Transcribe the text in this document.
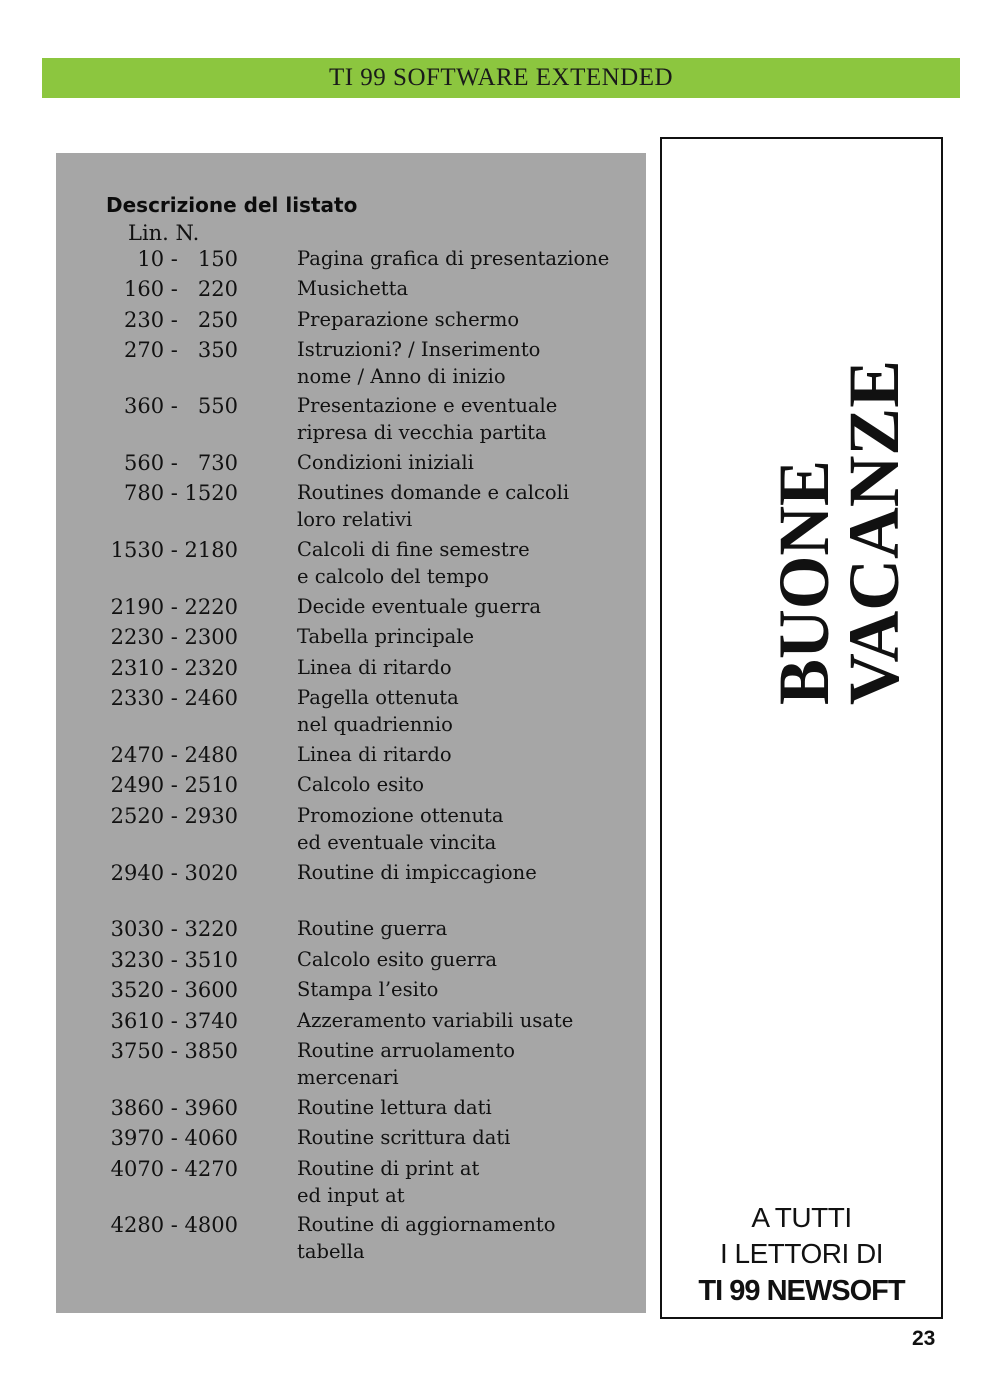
TI 99 SOFTWARE EXTENDED
Descrizione del listato
Lin. N.
10 -   150	Pagina grafica di presentazione
160 -   220	Musichetta
230 -   250	Preparazione schermo
270 -   350	Istruzioni? / Inserimento
nome / Anno di inizio
360 -   550	Presentazione e eventuale
ripresa di vecchia partita
560 -   730	Condizioni iniziali
780 - 1520	Routines domande e calcoli
loro relativi
1530 - 2180	Calcoli di fine semestre
e calcolo del tempo
2190 - 2220	Decide eventuale guerra
2230 - 2300	Tabella principale
2310 - 2320	Linea di ritardo
2330 - 2460	Pagella ottenuta
nel quadriennio
2470 - 2480	Linea di ritardo
2490 - 2510	Calcolo esito
2520 - 2930	Promozione ottenuta
ed eventuale vincita
2940 - 3020	Routine di impiccagione
3030 - 3220	Routine guerra
3230 - 3510	Calcolo esito guerra
3520 - 3600	Stampa l’esito
3610 - 3740	Azzeramento variabili usate
3750 - 3850	Routine arruolamento
mercenari
3860 - 3960	Routine lettura dati
3970 - 4060	Routine scrittura dati
4070 - 4270	Routine di print at
ed input at
4280 - 4800	Routine di aggiornamento
tabella
BUONE
VACANZE
A TUTTI
I LETTORI DI
TI 99 NEWSOFT
23
